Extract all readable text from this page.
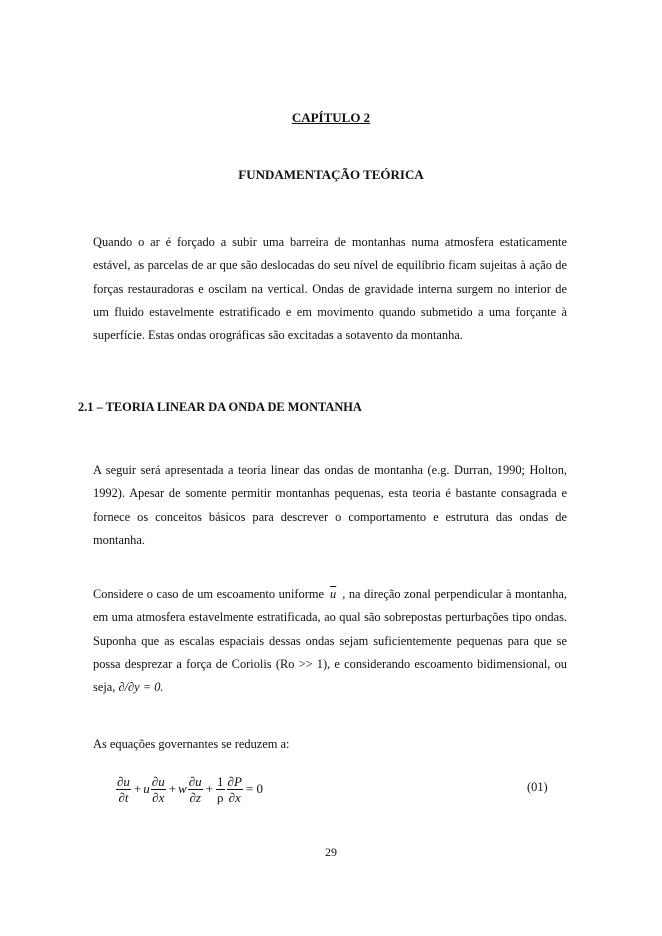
CAPÍTULO 2
FUNDAMENTAÇÃO TEÓRICA

Quando o ar é forçado a subir uma barreira de montanhas numa atmosfera estaticamente estável, as parcelas de ar que são deslocadas do seu nível de equilíbrio ficam sujeitas à ação de forças restauradoras e oscilam na vertical. Ondas de gravidade interna surgem no interior de um fluido estavelmente estratificado e em movimento quando submetido a uma forçante à superfície. Estas ondas orográficas são excitadas a sotavento da montanha.

2.1 – TEORIA LINEAR DA ONDA DE MONTANHA

A seguir será apresentada a teoria linear das ondas de montanha (e.g. Durran, 1990; Holton, 1992). Apesar de somente permitir montanhas pequenas, esta teoria é bastante consagrada e fornece os conceitos básicos para descrever o comportamento e estrutura das ondas de montanha.

Considere o caso de um escoamento uniforme $\overline{u}$ , na direção zonal perpendicular à montanha, em uma atmosfera estavelmente estratificada, ao qual são sobrepostas perturbações tipo ondas. Suponha que as escalas espaciais dessas ondas sejam suficientemente pequenas para que se possa desprezar a força de Coriolis (Ro >> 1), e considerando escoamento bidimensional, ou seja, ∂/∂y = 0.

As equações governantes se reduzem a:

$\frac{\partial u}{\partial t} + u \frac{\partial u}{\partial x} + w \frac{\partial u}{\partial z} + \frac{1}{\rho} \frac{\partial P}{\partial x} = 0$	(01)
29
